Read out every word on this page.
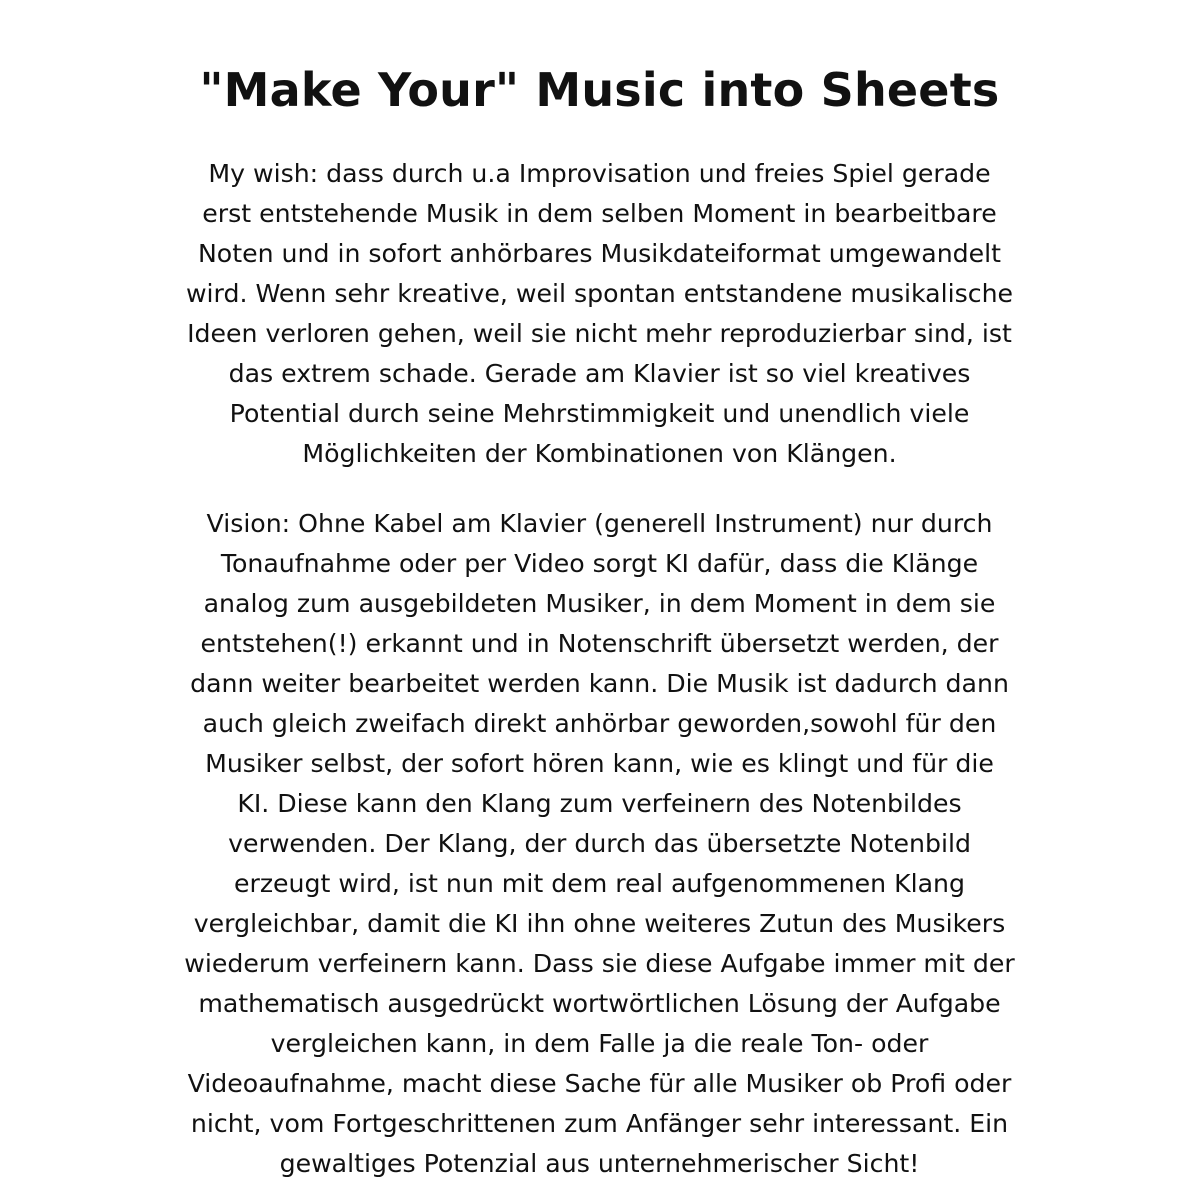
"Make Your" Music into Sheets
My wish: dass durch u.a Improvisation und freies Spiel gerade
erst entstehende Musik in dem selben Moment in bearbeitbare
Noten und in sofort anhörbares Musikdateiformat umgewandelt
wird. Wenn sehr kreative, weil spontan entstandene musikalische
Ideen verloren gehen, weil sie nicht mehr reproduzierbar sind, ist
das extrem schade. Gerade am Klavier ist so viel kreatives
Potential durch seine Mehrstimmigkeit und unendlich viele
Möglichkeiten der Kombinationen von Klängen.
Vision: Ohne Kabel am Klavier (generell Instrument) nur durch
Tonaufnahme oder per Video sorgt KI dafür, dass die Klänge
analog zum ausgebildeten Musiker, in dem Moment in dem sie
entstehen(!) erkannt und in Notenschrift übersetzt werden, der
dann weiter bearbeitet werden kann. Die Musik ist dadurch dann
auch gleich zweifach direkt anhörbar geworden,sowohl für den
Musiker selbst, der sofort hören kann, wie es klingt und für die
KI. Diese kann den Klang zum verfeinern des Notenbildes
verwenden. Der Klang, der durch das übersetzte Notenbild
erzeugt wird, ist nun mit dem real aufgenommenen Klang
vergleichbar, damit die KI ihn ohne weiteres Zutun des Musikers
wiederum verfeinern kann. Dass sie diese Aufgabe immer mit der
mathematisch ausgedrückt wortwörtlichen Lösung der Aufgabe
vergleichen kann, in dem Falle ja die reale Ton- oder
Videoaufnahme, macht diese Sache für alle Musiker ob Profi oder
nicht, vom Fortgeschrittenen zum Anfänger sehr interessant. Ein
gewaltiges Potenzial aus unternehmerischer Sicht!
